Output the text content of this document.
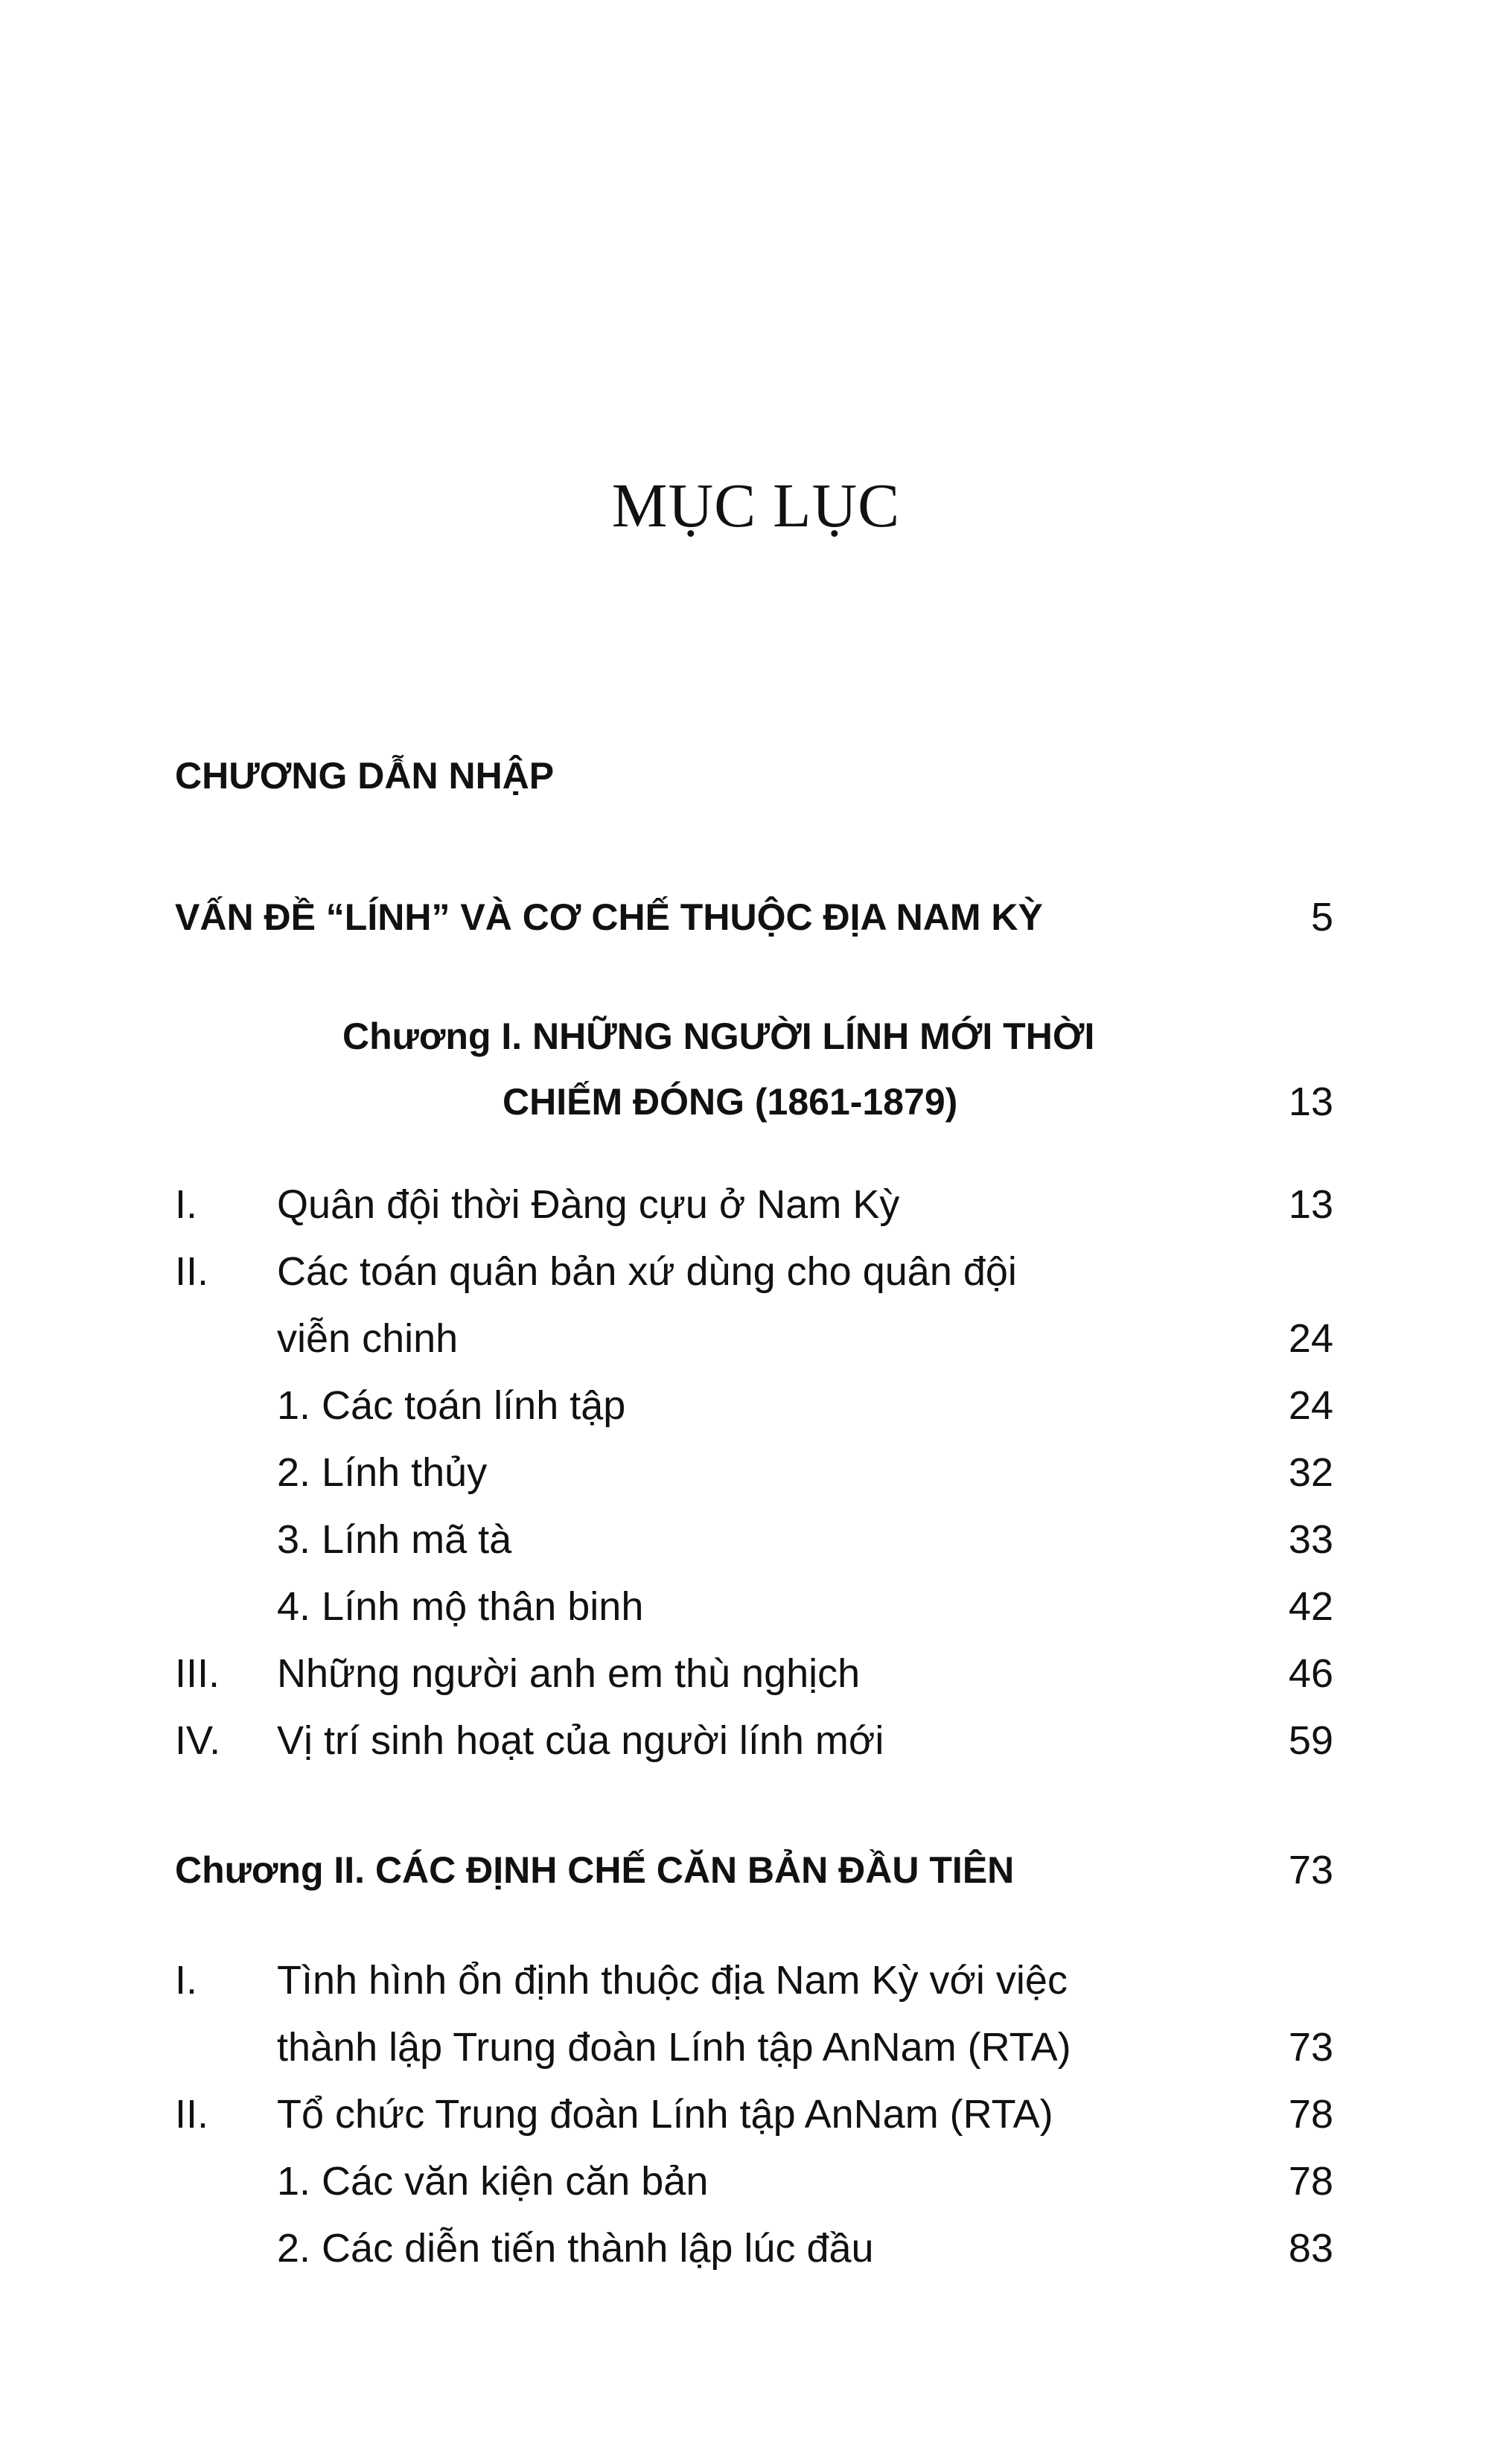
MỤC LỤC
CHƯƠNG DẪN NHẬP
VẤN ĐỀ “LÍNH” VÀ CƠ CHẾ THUỘC ĐỊA NAM KỲ	5
Chương I. NHỮNG NGƯỜI LÍNH MỚI THỜI
CHIẾM ĐÓNG (1861-1879)	13
I. Quân đội thời Đàng cựu ở Nam Kỳ	13
II. Các toán quân bản xứ dùng cho quân đội
viễn chinh	24
1. Các toán lính tập	24
2. Lính thủy	32
3. Lính mã tà	33
4. Lính mộ thân binh	42
III. Những người anh em thù nghịch	46
IV. Vị trí sinh hoạt của người lính mới	59
Chương II. CÁC ĐỊNH CHẾ CĂN BẢN ĐẦU TIÊN	73
I. Tình hình ổn định thuộc địa Nam Kỳ với việc
thành lập Trung đoàn Lính tập AnNam (RTA)	73
II. Tổ chức Trung đoàn Lính tập AnNam (RTA)	78
1. Các văn kiện căn bản	78
2. Các diễn tiến thành lập lúc đầu	83
